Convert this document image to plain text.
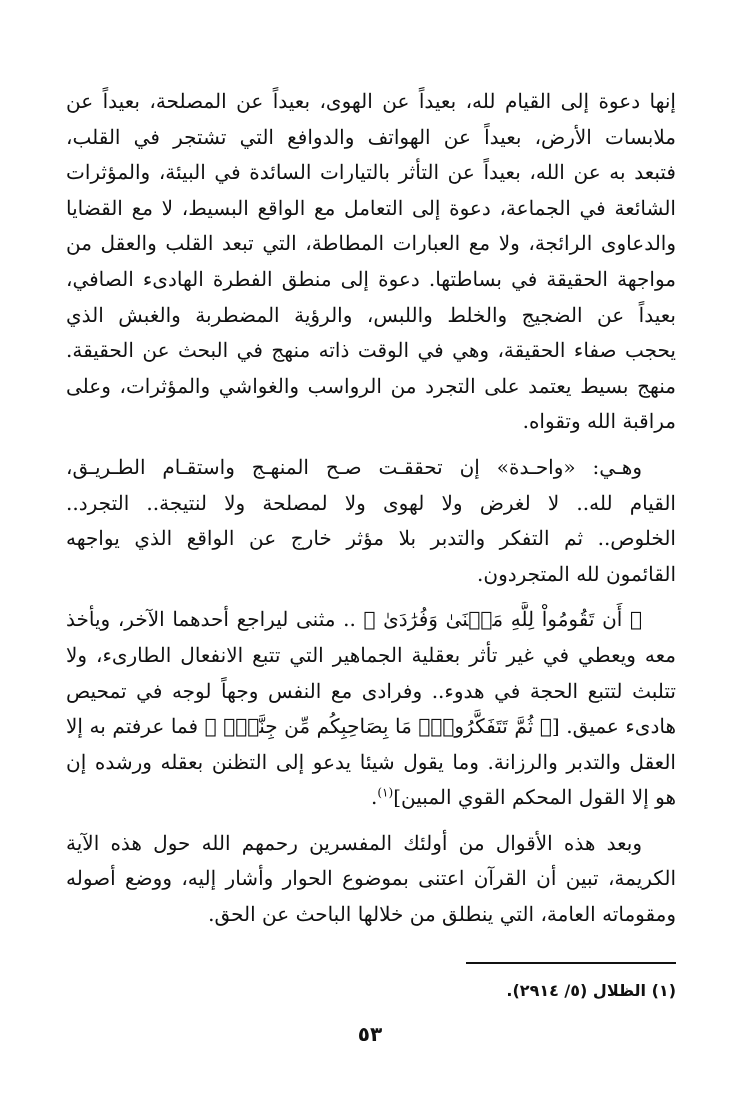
إنها دعوة إلى القيام لله، بعيداً عن الهوى، بعيداً عن المصلحة، بعيداً عن
ملابسات الأرض، بعيداً عن الهواتف والدوافع التي تشتجر في القلب،
فتبعد به عن الله، بعيداً عن التأثر بالتيارات السائدة في البيئة، والمؤثرات
الشائعة في الجماعة، دعوة إلى التعامل مع الواقع البسيط، لا مع القضايا
والدعاوى الرائجة، ولا مع العبارات المطاطة، التي تبعد القلب والعقل من
مواجهة الحقيقة في بساطتها. دعوة إلى منطق الفطرة الهادىء الصافي،
بعيداً عن الضجيج والخلط واللبس، والرؤية المضطربة والغبش الذي
يحجب صفاء الحقيقة، وهي في الوقت ذاته منهج في البحث عن الحقيقة.
منهج بسيط يعتمد على التجرد من الرواسب والغواشي والمؤثرات، وعلى
مراقبة الله وتقواه.

وهـي: «واحـدة» إن تحققـت صـح المنهـج واستقـام الطـريـق،
القيام لله.. لا لغرض ولا لهوى ولا لمصلحة ولا لنتيجة.. التجرد..
الخلوص.. ثم التفكر والتدبر بلا مؤثر خارج عن الواقع الذي يواجهه
القائمون لله المتجردون.

﴿ أَن تَقُومُواْ لِلَّهِ مَثۡنَىٰ وَفُرَٰدَىٰ ﴾ .. مثنى ليراجع أحدهما الآخر، ويأخذ
معه ويعطي في غير تأثر بعقلية الجماهير التي تتبع الانفعال الطارىء، ولا
تتلبث لتتبع الحجة في هدوء.. وفرادى مع النفس وجهاً لوجه في تمحيص
هادىء عميق. [﴿ ثُمَّ تَتَفَكَّرُواْۚ مَا بِصَاحِبِكُم مِّن جِنَّةٍۚ ﴾ فما عرفتم به إلا
العقل والتدبر والرزانة. وما يقول شيئا يدعو إلى التظنن بعقله ورشده إن
هو إلا القول المحكم القوي المبين]$^{(١)}$.

وبعد هذه الأقوال من أولئك المفسرين رحمهم الله حول هذه الآية
الكريمة، تبين أن القرآن اعتنى بموضوع الحوار وأشار إليه، ووضع أصوله
ومقوماته العامة، التي ينطلق من خلالها الباحث عن الحق.

(١) الظلال (٥/ ٢٩١٤).
٥٣
